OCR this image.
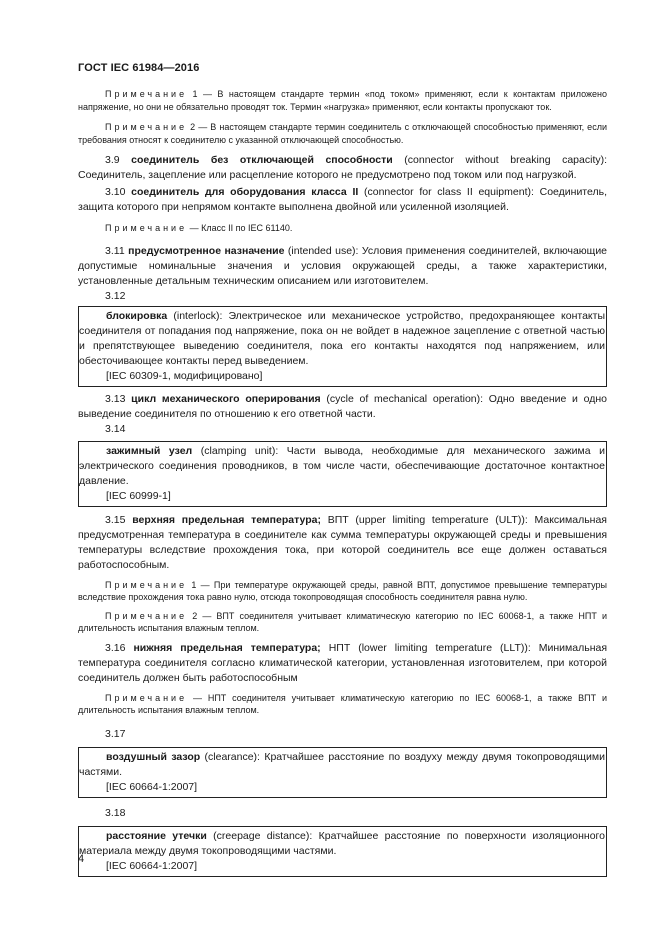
ГОСТ IEC 61984—2016

Примечание 1 — В настоящем стандарте термин «под током» применяют, если к контактам приложено напряжение, но они не обязательно проводят ток. Термин «нагрузка» применяют, если контакты пропускают ток.

Примечание 2 — В настоящем стандарте термин соединитель с отключающей способностью применяют, если требования относят к соединителю с указанной отключающей способностью.

3.9 соединитель без отключающей способности (connector without breaking capacity): Соединитель, зацепление или расцепление которого не предусмотрено под током или под нагрузкой.

3.10 соединитель для оборудования класса II (connector for class II equipment): Соединитель, защита которого при непрямом контакте выполнена двойной или усиленной изоляцией.

Примечание — Класс II по IEC 61140.

3.11 предусмотренное назначение (intended use): Условия применения соединителей, включающие допустимые номинальные значения и условия окружающей среды, а также характеристики, установленные детальным техническим описанием или изготовителем.

3.12

блокировка (interlock): Электрическое или механическое устройство, предохраняющее контакты соединителя от попадания под напряжение, пока он не войдет в надежное зацепление с ответной частью и препятствующее выведению соединителя, пока его контакты находятся под напряжением, или обесточивающее контакты перед выведением.

[IEC 60309-1, модифицировано]

3.13 цикл механического оперирования (cycle of mechanical operation): Одно введение и одно выведение соединителя по отношению к его ответной части.

3.14

зажимный узел (clamping unit): Части вывода, необходимые для механического зажима и электрического соединения проводников, в том числе части, обеспечивающие достаточное контактное давление.

[IEC 60999-1]

3.15 верхняя предельная температура; ВПТ (upper limiting temperature (ULT)): Максимальная предусмотренная температура в соединителе как сумма температуры окружающей среды и превышения температуры вследствие прохождения тока, при которой соединитель все еще должен оставаться работоспособным.

Примечание 1 — При температуре окружающей среды, равной ВПТ, допустимое превышение температуры вследствие прохождения тока равно нулю, отсюда токопроводящая способность соединителя равна нулю.

Примечание 2 — ВПТ соединителя учитывает климатическую категорию по IEC 60068-1, а также НПТ и длительность испытания влажным теплом.

3.16 нижняя предельная температура; НПТ (lower limiting temperature (LLT)): Минимальная температура соединителя согласно климатической категории, установленная изготовителем, при которой соединитель должен быть работоспособным

Примечание — НПТ соединителя учитывает климатическую категорию по IEC 60068-1, а также ВПТ и длительность испытания влажным теплом.

3.17

воздушный зазор (clearance): Кратчайшее расстояние по воздуху между двумя токопроводящими частями.

[IEC 60664-1:2007]

3.18

расстояние утечки (creepage distance): Кратчайшее расстояние по поверхности изоляционного материала между двумя токопроводящими частями.

[IEC 60664-1:2007]

4
